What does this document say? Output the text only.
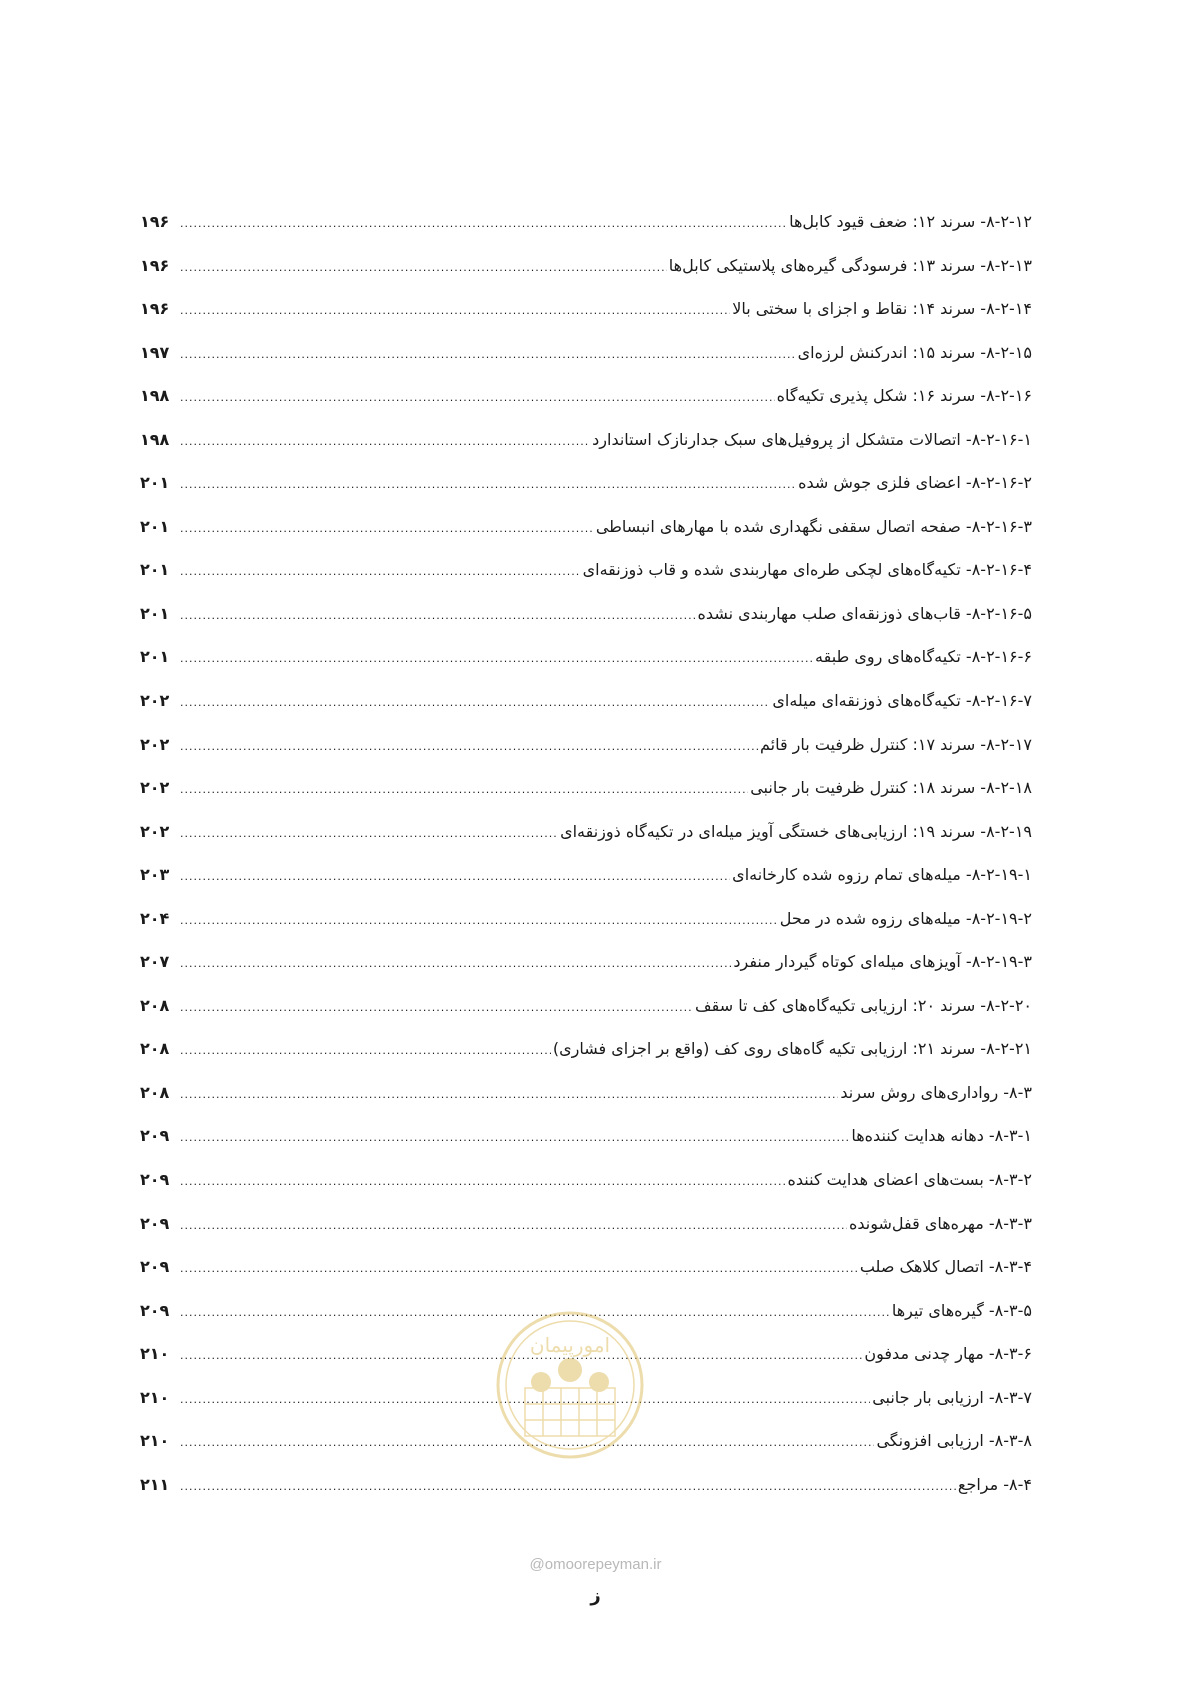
۸-۲-۱۲- سرند ۱۲: ضعف قیود کابل‌ها
.....
۱۹۶
۸-۲-۱۳- سرند ۱۳: فرسودگی گیره‌های پلاستیکی کابل‌ها
.....
۱۹۶
۸-۲-۱۴- سرند ۱۴: نقاط و اجزای با سختی بالا
.....
۱۹۶
۸-۲-۱۵- سرند ۱۵: اندرکنش لرزه‌ای
.....
۱۹۷
۸-۲-۱۶- سرند ۱۶: شکل پذیری تکیه‌گاه
.....
۱۹۸
۸-۲-۱۶-۱- اتصالات متشکل از پروفیل‌های سبک جدارنازک استاندارد
.....
۱۹۸
۸-۲-۱۶-۲- اعضای فلزی جوش شده
.....
۲۰۱
۸-۲-۱۶-۳- صفحه اتصال سقفی نگهداری شده با مهارهای انبساطی
.....
۲۰۱
۸-۲-۱۶-۴- تکیه‌گاه‌های لچکی طره‌ای مهاربندی شده و قاب ذوزنقه‌ای
.....
۲۰۱
۸-۲-۱۶-۵- قاب‌های ذوزنقه‌ای صلب مهاربندی نشده
.....
۲۰۱
۸-۲-۱۶-۶- تکیه‌گاه‌های روی طبقه
.....
۲۰۱
۸-۲-۱۶-۷- تکیه‌گاه‌های ذوزنقه‌ای میله‌ای
.....
۲۰۲
۸-۲-۱۷- سرند ۱۷: کنترل ظرفیت بار قائم
.....
۲۰۲
۸-۲-۱۸- سرند ۱۸: کنترل ظرفیت بار جانبی
.....
۲۰۲
۸-۲-۱۹- سرند ۱۹: ارزیابی‌های خستگی آویز میله‌ای در تکیه‌گاه ذوزنقه‌ای
.....
۲۰۲
۸-۲-۱۹-۱- میله‌های تمام رزوه شده کارخانه‌ای
.....
۲۰۳
۸-۲-۱۹-۲- میله‌های رزوه شده در محل
.....
۲۰۴
۸-۲-۱۹-۳- آویزهای میله‌ای کوتاه گیردار منفرد
.....
۲۰۷
۸-۲-۲۰- سرند ۲۰: ارزیابی تکیه‌گاه‌های کف تا سقف
.....
۲۰۸
۸-۲-۲۱- سرند ۲۱: ارزیابی تکیه گاه‌های روی کف (واقع بر اجزای فشاری)
.....
۲۰۸
۸-۳- رواداری‌های روش سرند
.....
۲۰۸
۸-۳-۱- دهانه هدایت کننده‌ها
.....
۲۰۹
۸-۳-۲- بست‌های اعضای هدایت کننده
.....
۲۰۹
۸-۳-۳- مهره‌های قفل‌شونده
.....
۲۰۹
۸-۳-۴- اتصال کلاهک صلب
.....
۲۰۹
۸-۳-۵- گیره‌های تیرها
.....
۲۰۹
۸-۳-۶- مهار چدنی مدفون
.....
۲۱۰
۸-۳-۷- ارزیابی بار جانبی
.....
۲۱۰
۸-۳-۸- ارزیابی افزونگی
.....
۲۱۰
۸-۴- مراجع
.....
۲۱۱
امورپیمان
@omoorepeyman.ir
ز
